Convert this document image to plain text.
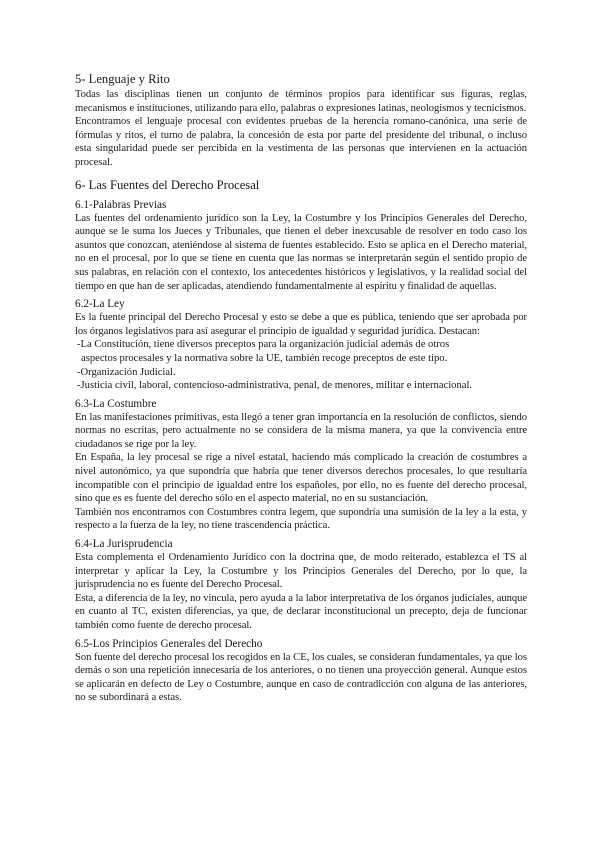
5- Lenguaje y Rito

Todas las disciplinas tienen un conjunto de términos propios para identificar sus figuras, reglas, mecanismos e instituciones, utilizando para ello, palabras o expresiones latinas, neologismos y tecnicismos.

Encontramos el lenguaje procesal con evidentes pruebas de la herencia romano-canónica, una serie de fórmulas y ritos, el turno de palabra, la concesión de esta por parte del presidente del tribunal, o incluso esta singularidad puede ser percibida en la vestimenta de las personas que intervienen en la actuación procesal.

6- Las Fuentes del Derecho Procesal
6.1-Palabras Previas

Las fuentes del ordenamiento jurídico son la Ley, la Costumbre y los Principios Generales del Derecho, aunque se le suma los Jueces y Tribunales, que tienen el deber inexcusable de resolver en todo caso los asuntos que conozcan, ateniéndose al sistema de fuentes establecido. Esto se aplica en el Derecho material, no en el procesal, por lo que se tiene en cuenta que las normas se interpretarán según el sentido propio de sus palabras, en relación con el contexto, los antecedentes históricos y legislativos, y la realidad social del tiempo en que han de ser aplicadas, atendiendo fundamentalmente al espíritu y finalidad de aquellas.

6.2-La Ley

Es la fuente principal del Derecho Procesal y esto se debe a que es pública, teniendo que ser aprobada por los órganos legislativos para así asegurar el principio de igualdad y seguridad jurídica. Destacan:

-La Constitución, tiene diversos preceptos para la organización judicial además de otros
aspectos procesales y la normativa sobre la UE, también recoge preceptos de este tipo.
-Organización Judicial.
-Justicia civil, laboral, contencioso-administrativa, penal, de menores, militar e internacional.
6.3-La Costumbre

En las manifestaciones primitivas, esta llegó a tener gran importancia en la resolución de conflictos, siendo normas no escritas, pero actualmente no se considera de la misma manera, ya que la convivencia entre ciudadanos se rige por la ley.

En España, la ley procesal se rige a nivel estatal, haciendo más complicado la creación de costumbres a nivel autonómico, ya que supondría que habría que tener diversos derechos procesales, lo que resultaría incompatible con el principio de igualdad entre los españoles, por ello, no es fuente del derecho procesal, sino que es es fuente del derecho sólo en el aspecto material, no en su sustanciación.

También nos encontramos con Costumbres contra legem, que supondría una sumisión de la ley a la esta, y respecto a la fuerza de la ley, no tiene trascendencia práctica.

6.4-La Jurisprudencia

Esta complementa el Ordenamiento Jurídico con la doctrina que, de modo reiterado, establezca el TS al interpretar y aplicar la Ley, la Costumbre y los Principios Generales del Derecho, por lo que, la jurisprudencia no es fuente del Derecho Procesal.

Esta, a diferencia de la ley, no vincula, pero ayuda a la labor interpretativa de los órganos judiciales, aunque en cuanto al TC, existen diferencias, ya que, de declarar inconstitucional un precepto, deja de funcionar también como fuente de derecho procesal.

6.5-Los Principios Generales del Derecho

Son fuente del derecho procesal los recogidos en la CE, los cuales, se consideran fundamentales, ya que los demás o son una repetición innecesaria de los anteriores, o no tienen una proyección general. Aunque estos se aplicarán en defecto de Ley o Costumbre, aunque en caso de contradicción con alguna de las anteriores, no se subordinará a estas.
